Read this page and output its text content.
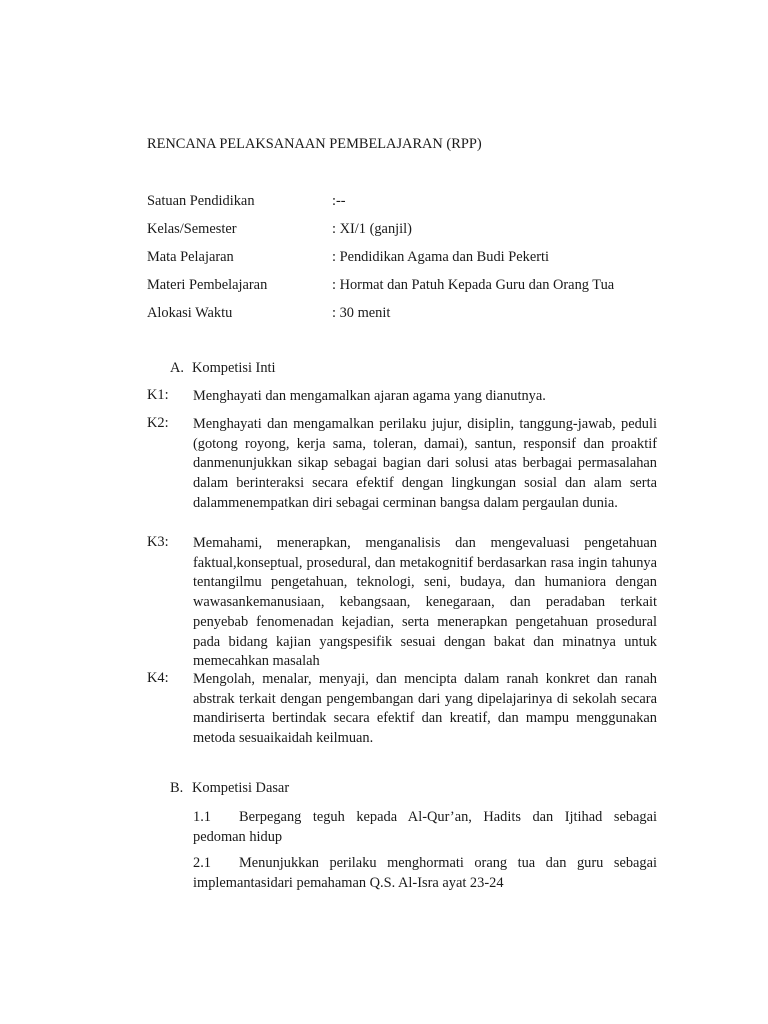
RENCANA PELAKSANAAN PEMBELAJARAN (RPP)
Satuan Pendidikan	:--
Kelas/Semester	: XI/1 (ganjil)
Mata Pelajaran	: Pendidikan Agama dan Budi Pekerti
Materi Pembelajaran	: Hormat dan Patuh Kepada Guru dan Orang Tua
Alokasi Waktu	: 30 menit
A. Kompetisi Inti
K1: Menghayati dan mengamalkan ajaran agama yang dianutnya.
K2: Menghayati dan mengamalkan perilaku jujur, disiplin, tanggung-jawab, peduli (gotong royong, kerja sama, toleran, damai), santun, responsif dan proaktif danmenunjukkan sikap sebagai bagian dari solusi atas berbagai permasalahan dalam berinteraksi secara efektif dengan lingkungan sosial dan alam serta dalammenempatkan diri sebagai cerminan bangsa dalam pergaulan dunia.
K3: Memahami, menerapkan, menganalisis dan mengevaluasi pengetahuan faktual,konseptual, prosedural, dan metakognitif berdasarkan rasa ingin tahunya tentangilmu pengetahuan, teknologi, seni, budaya, dan humaniora dengan wawasankemanusiaan, kebangsaan, kenegaraan, dan peradaban terkait penyebab fenomenadan kejadian, serta menerapkan pengetahuan prosedural pada bidang kajian yangspesifik sesuai dengan bakat dan minatnya untuk memecahkan masalah
K4: Mengolah, menalar, menyaji, dan mencipta dalam ranah konkret dan ranah abstrak terkait dengan pengembangan dari yang dipelajarinya di sekolah secara mandiriserta bertindak secara efektif dan kreatif, dan mampu menggunakan metoda sesuaikaidah keilmuan.
B. Kompetisi Dasar
1.1 Berpegang teguh kepada Al-Qur’an, Hadits dan Ijtihad sebagai pedoman hidup
2.1 Menunjukkan perilaku menghormati orang tua dan guru sebagai implemantasidari pemahaman Q.S. Al-Isra ayat 23-24
